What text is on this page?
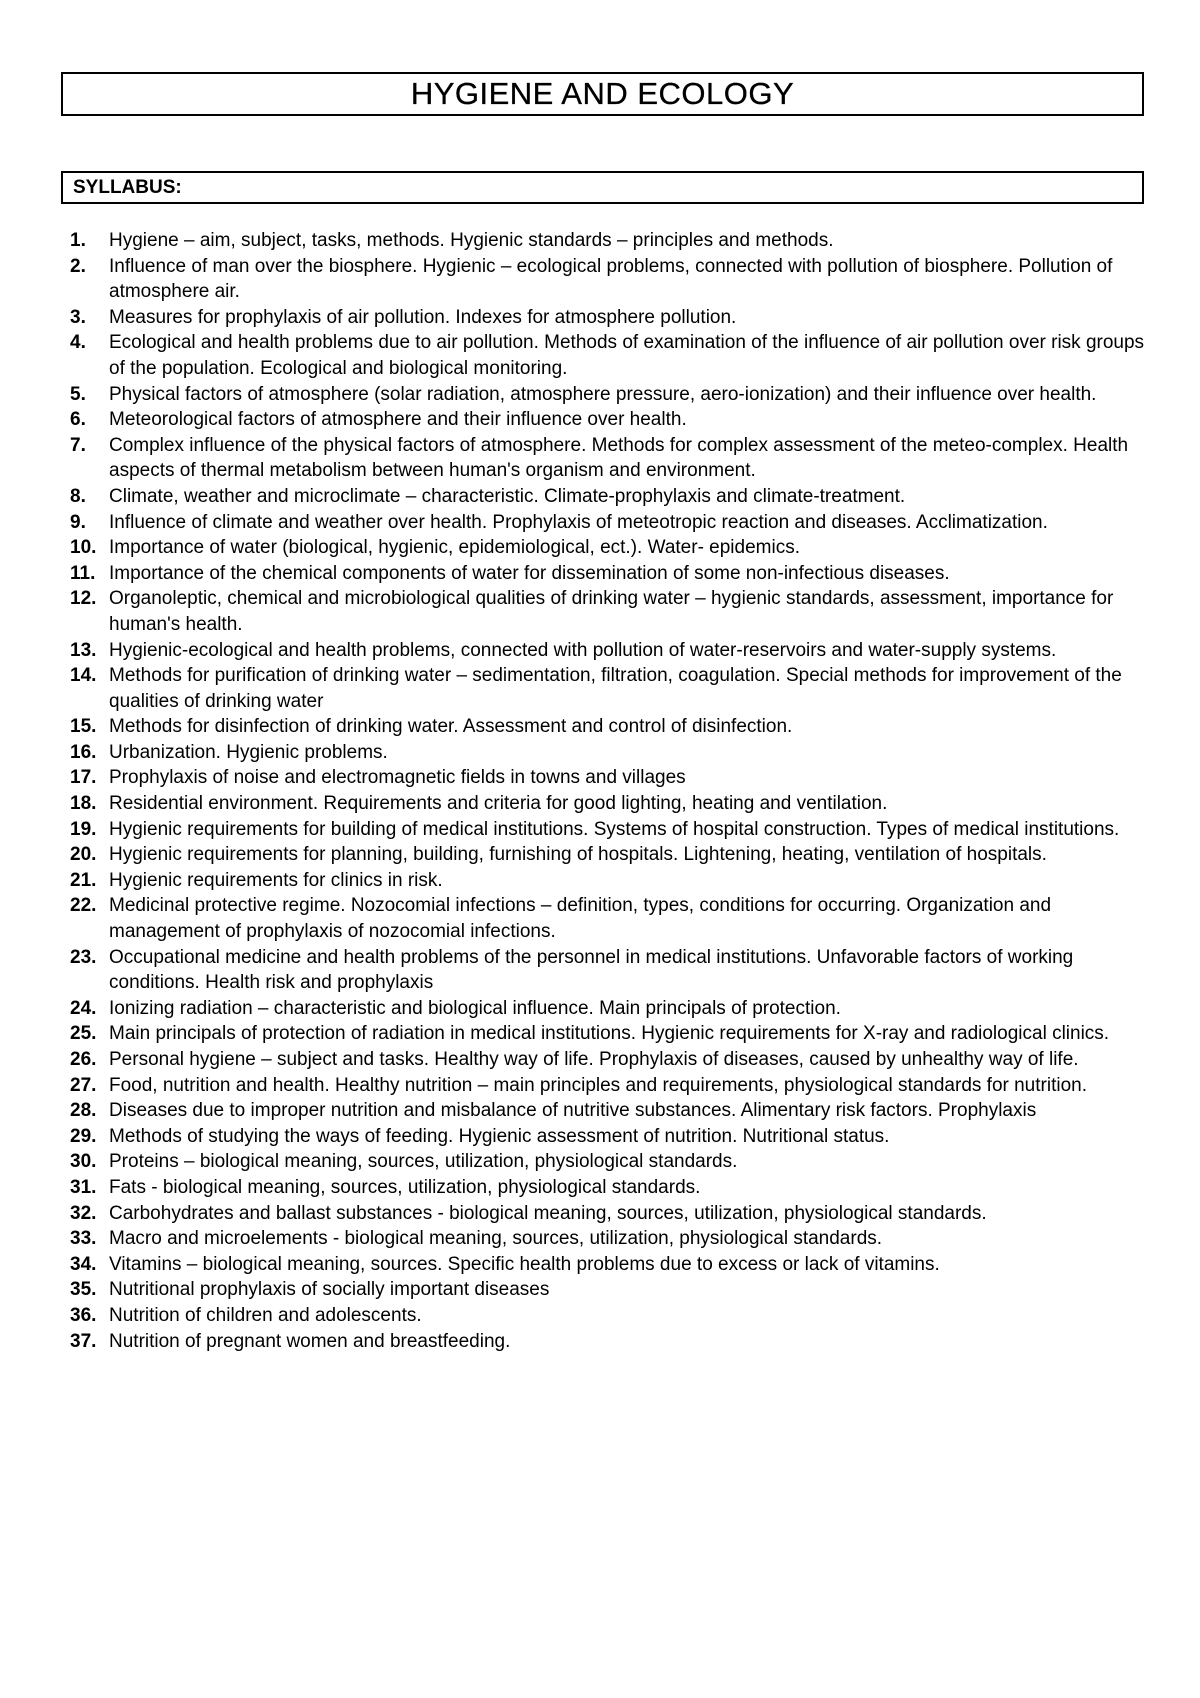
HYGIENE AND ECOLOGY
SYLLABUS:
1.	Hygiene – aim, subject, tasks, methods. Hygienic standards – principles and methods.
2.	Influence of man over the biosphere. Hygienic – ecological problems, connected with pollution of biosphere. Pollution of atmosphere air.
3.	Measures for prophylaxis of air pollution. Indexes for atmosphere pollution.
4.	Ecological and health problems due to air pollution. Methods of examination of the influence of air pollution over risk groups of the population. Ecological and biological monitoring.
5.	Physical factors of atmosphere (solar radiation, atmosphere pressure, aero-ionization) and their influence over health.
6.	Meteorological factors of atmosphere and their influence over health.
7.	Complex influence of the physical factors of atmosphere. Methods for complex assessment of the meteo-complex. Health aspects of thermal metabolism between human's organism and environment.
8.	Climate, weather and microclimate – characteristic. Climate-prophylaxis and climate-treatment.
9.	Influence of climate and weather over health. Prophylaxis of meteotropic reaction and diseases. Acclimatization.
10. Importance of water (biological, hygienic, epidemiological, ect.). Water- epidemics.
11. Importance of the chemical components of water for dissemination of some non-infectious diseases.
12. Organoleptic, chemical and microbiological qualities of drinking water – hygienic standards, assessment, importance for human's health.
13. Hygienic-ecological and health problems, connected with pollution of water-reservoirs and water-supply systems.
14. Methods for purification of drinking water – sedimentation, filtration, coagulation. Special methods for improvement of the qualities of drinking water
15. Methods for disinfection of drinking water. Assessment and control of disinfection.
16. Urbanization. Hygienic problems.
17. Prophylaxis of noise and electromagnetic fields in towns and villages
18. Residential environment. Requirements and criteria for good lighting, heating and ventilation.
19. Hygienic requirements for building of medical institutions. Systems of hospital construction. Types of medical institutions.
20. Hygienic requirements for planning, building, furnishing of hospitals. Lightening, heating, ventilation of hospitals.
21. Hygienic requirements for clinics in risk.
22. Medicinal protective regime. Nozocomial infections – definition, types, conditions for occurring. Organization and management of prophylaxis of nozocomial infections.
23. Occupational medicine and health problems of the personnel in medical institutions. Unfavorable factors of working conditions. Health risk and prophylaxis
24. Ionizing radiation – characteristic and biological influence. Main principals of protection.
25. Main principals of protection of radiation in medical institutions. Hygienic requirements for X-ray and radiological clinics.
26. Personal hygiene – subject and tasks. Healthy way of life. Prophylaxis of diseases, caused by unhealthy way of life.
27. Food, nutrition and health. Healthy nutrition – main principles and requirements, physiological standards for nutrition.
28. Diseases due to improper nutrition and misbalance of nutritive substances. Alimentary risk factors. Prophylaxis
29. Methods of studying the ways of feeding. Hygienic assessment of nutrition. Nutritional status.
30. Proteins – biological meaning, sources, utilization, physiological standards.
31. Fats - biological meaning, sources, utilization, physiological standards.
32. Carbohydrates and ballast substances - biological meaning, sources, utilization, physiological standards.
33. Macro and microelements - biological meaning, sources, utilization, physiological standards.
34. Vitamins – biological meaning, sources. Specific health problems due to excess or lack of vitamins.
35. Nutritional prophylaxis of socially important diseases
36. Nutrition of children and adolescents.
37. Nutrition of pregnant women and breastfeeding.
